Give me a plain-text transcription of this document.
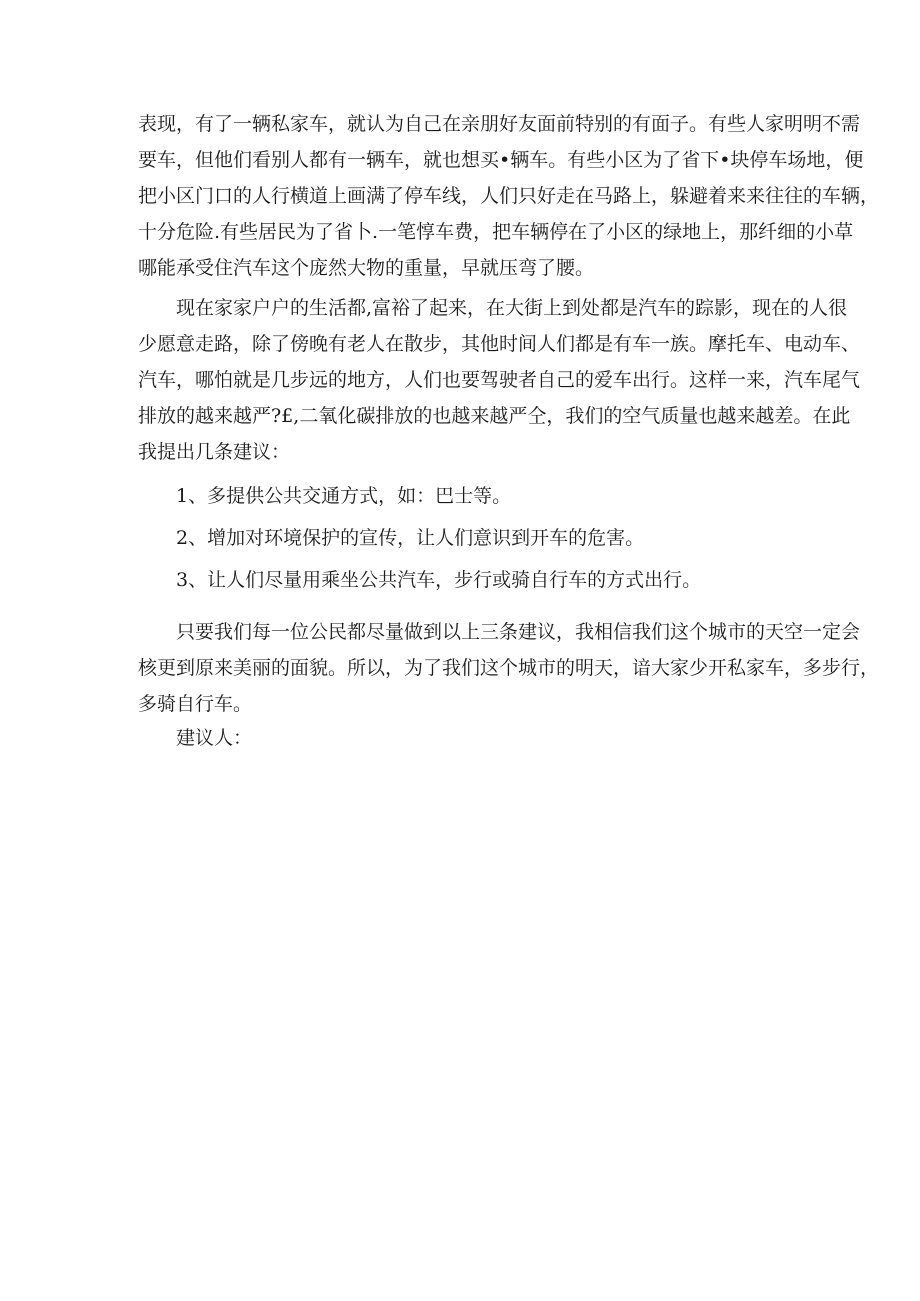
表现，有了一辆私家车，就认为自己在亲朋好友面前特别的有面子。有些人家明明不需
要车，但他们看别人都有一辆车，就也想买•辆车。有些小区为了省下•块停车场地，便
把小区门口的人行横道上画满了停车线，人们只好走在马路上，躲避着来来往往的车辆，
十分危险.有些居民为了省卜.一笔惇车费，把车辆停在了小区的绿地上，那纤细的小草
哪能承受住汽车这个庞然大物的重量，早就压弯了腰。
现在家家户户的生活都,富裕了起来，在大街上到处都是汽车的踪影，现在的人很
少愿意走路，除了傍晚有老人在散步，其他时间人们都是有车一族。摩托车、电动车、
汽车，哪怕就是几步远的地方，人们也要驾驶者自己的爱车出行。这样一来，汽车尾气
排放的越来越严?£,二氧化碳排放的也越来越严仝，我们的空气质量也越来越差。在此
我提出几条建议：
1、多提供公共交通方式，如：巴士等。
2、增加对环境保护的宣传，让人们意识到开车的危害。
3、让人们尽量用乘坐公共汽车，步行或骑自行车的方式出行。
只要我们每一位公民都尽量做到以上三条建议，我相信我们这个城市的天空一定会
核更到原来美丽的面貌。所以，为了我们这个城市的明天，谙大家少开私家车，多步行，
多骑自行车。
建议人：
